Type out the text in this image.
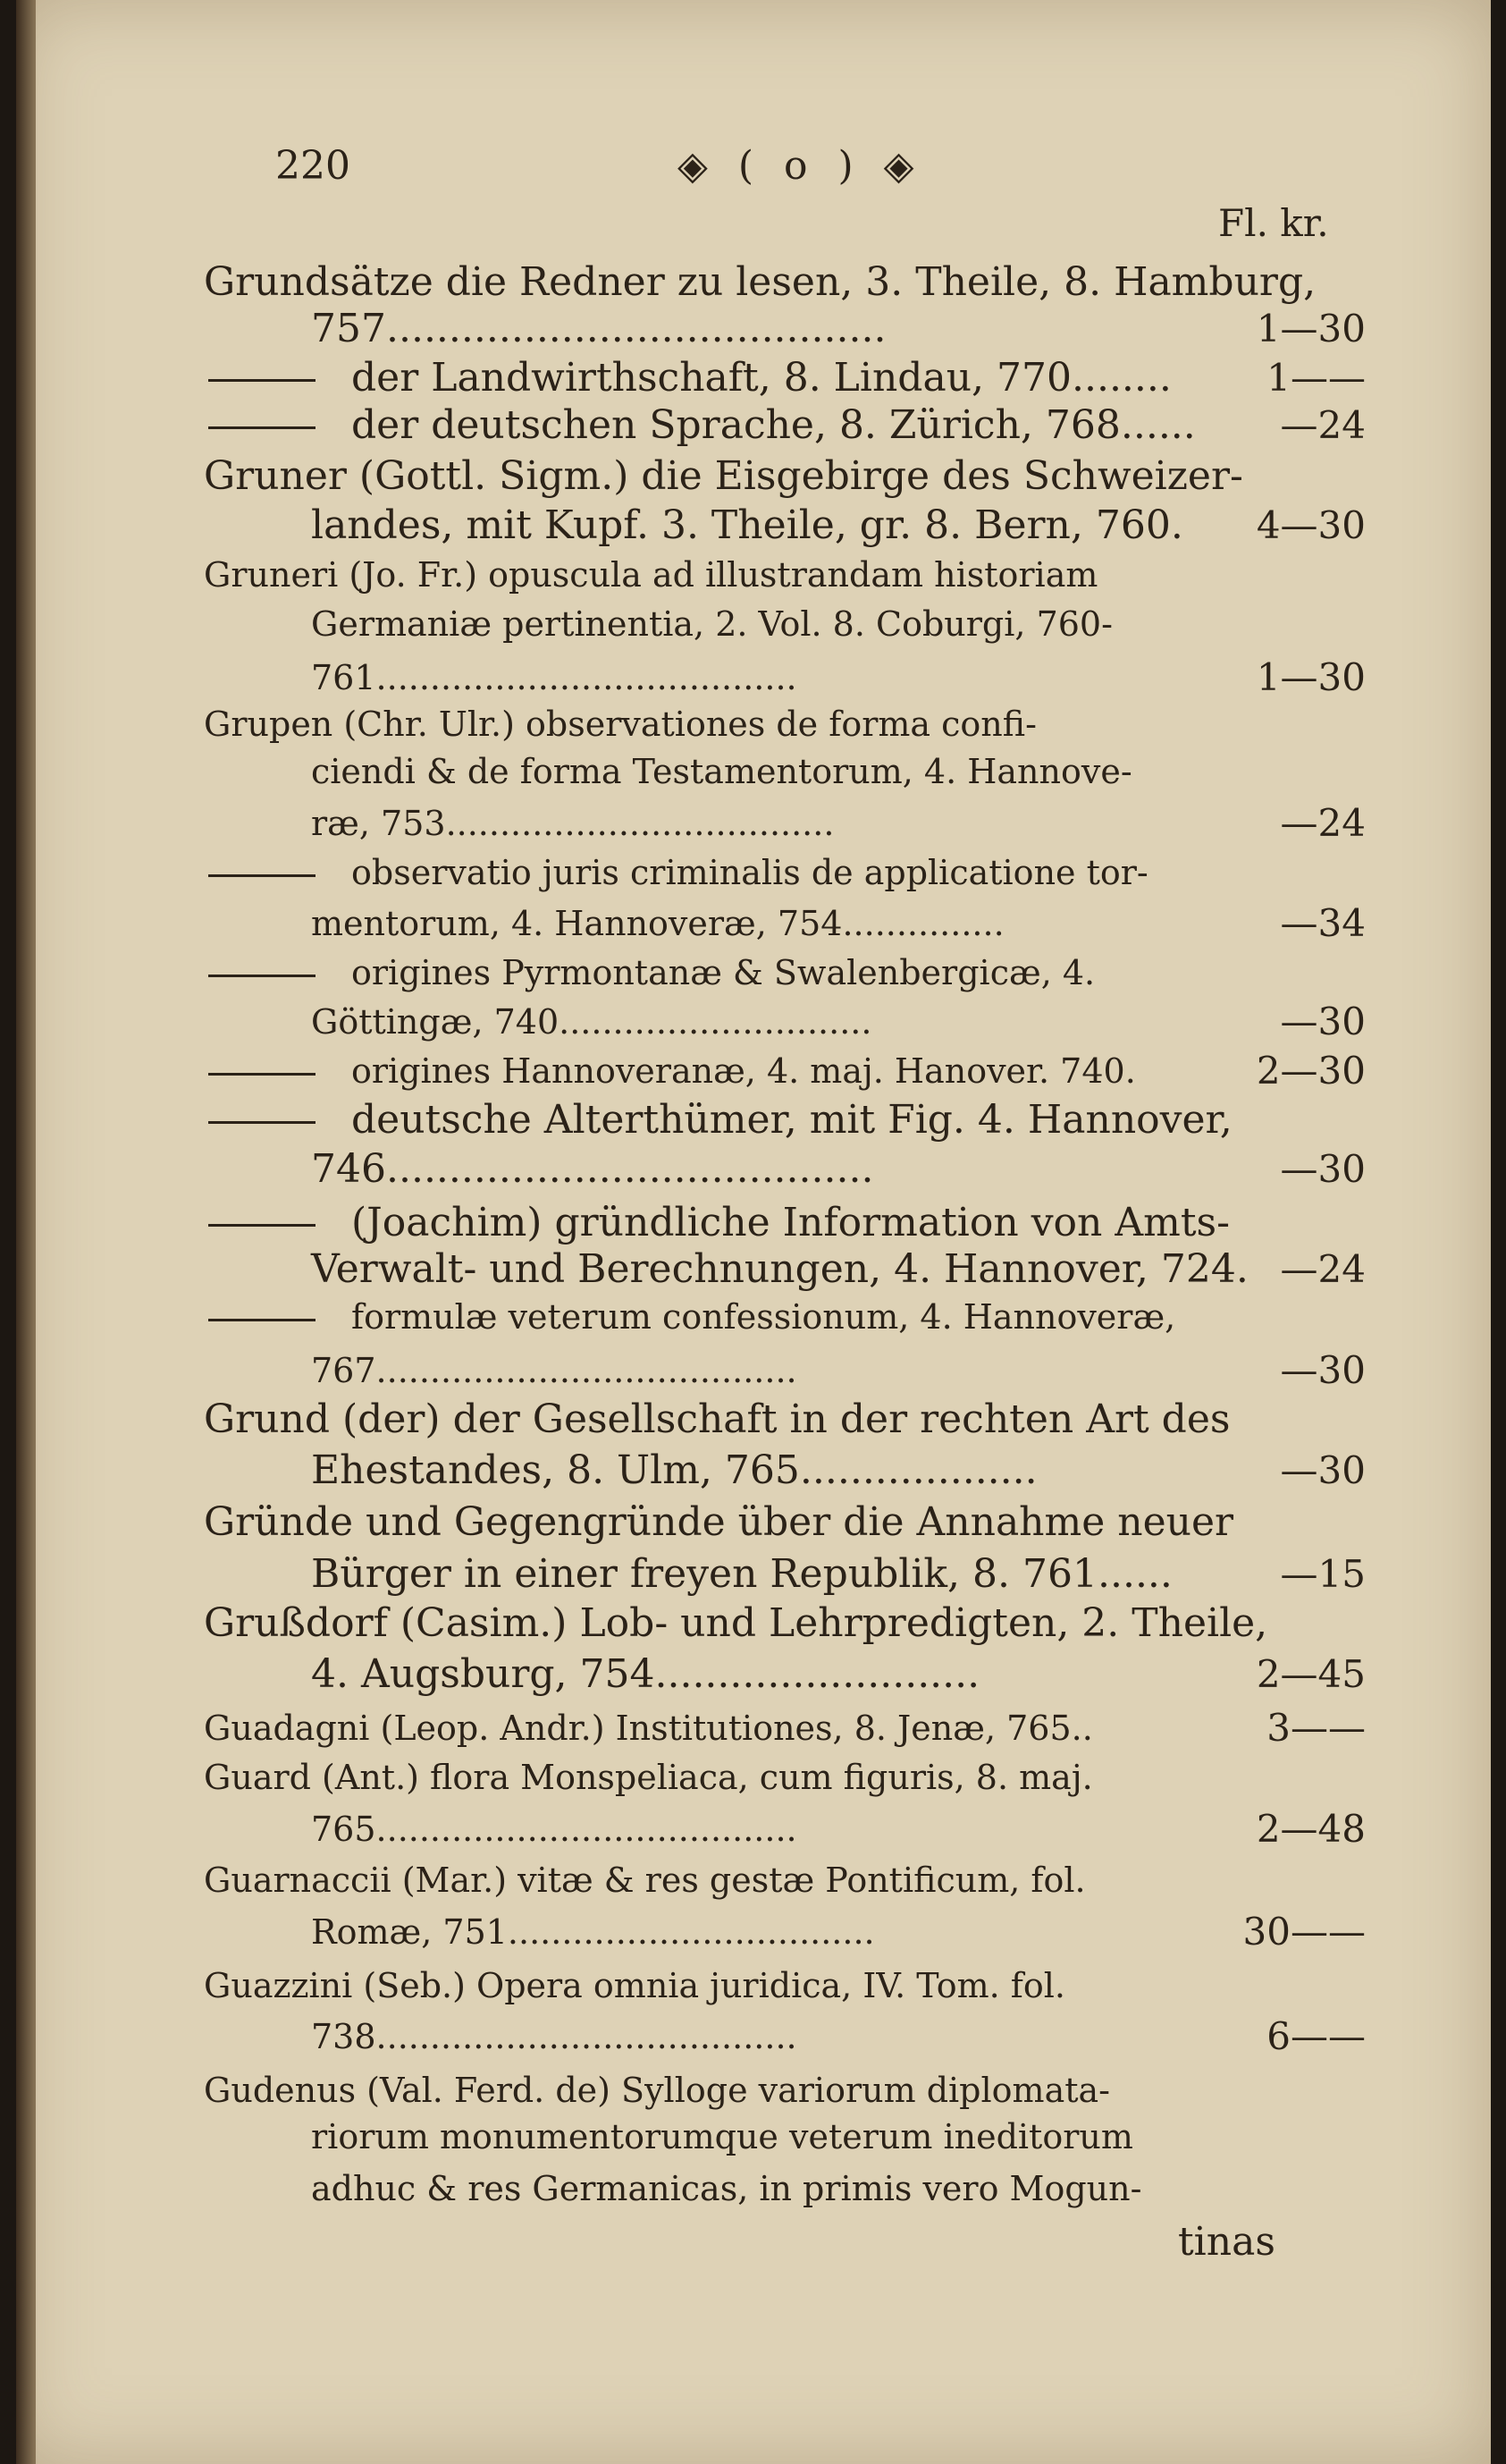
220	◈ ( o ) ◈
Fl. kr.
Grundsätze die Redner zu lesen, 3. Theile, 8. Hamburg,
757........................................	1—30
der Landwirthschaft, 8. Lindau, 770........	1——
der deutschen Sprache, 8. Zürich, 768......	—24
Gruner (Gottl. Sigm.) die Eisgebirge des Schweizer-
landes, mit Kupf. 3. Theile, gr. 8. Bern, 760.	4—30
Gruneri (Jo. Fr.) opuscula ad illustrandam historiam
Germaniæ pertinentia, 2. Vol. 8. Coburgi, 760-
761.......................................	1—30
Grupen (Chr. Ulr.) observationes de forma confi-
ciendi & de forma Testamentorum, 4. Hannove-
ræ, 753....................................	—24
observatio juris criminalis de applicatione tor-
mentorum, 4. Hannoveræ, 754...............	—34
origines Pyrmontanæ & Swalenbergicæ, 4.
Göttingæ, 740.............................	—30
origines Hannoveranæ, 4. maj. Hanover. 740.	2—30
deutsche Alterthümer, mit Fig. 4. Hannover,
746.......................................	—30
(Joachim) gründliche Information von Amts-
Verwalt- und Berechnungen, 4. Hannover, 724. —24
formulæ veterum confessionum, 4. Hannoveræ,
767.......................................	—30
Grund (der) der Gesellschaft in der rechten Art des
Ehestandes, 8. Ulm, 765...................	—30
Gründe und Gegengründe über die Annahme neuer
Bürger in einer freyen Republik, 8. 761......	—15
Grußdorf (Casim.) Lob- und Lehrpredigten, 2. Theile,
4. Augsburg, 754..........................	2—45
Guadagni (Leop. Andr.) Institutiones, 8. Jenæ, 765..	3——
Guard (Ant.) flora Monspeliaca, cum figuris, 8. maj.
765.......................................	2—48
Guarnaccii (Mar.) vitæ & res gestæ Pontificum, fol.
Romæ, 751..................................	30——
Guazzini (Seb.) Opera omnia juridica, IV. Tom. fol.
738.......................................	6——
Gudenus (Val. Ferd. de) Sylloge variorum diplomata-
riorum monumentorumque veterum ineditorum
adhuc & res Germanicas, in primis vero Mogun-
tinas
